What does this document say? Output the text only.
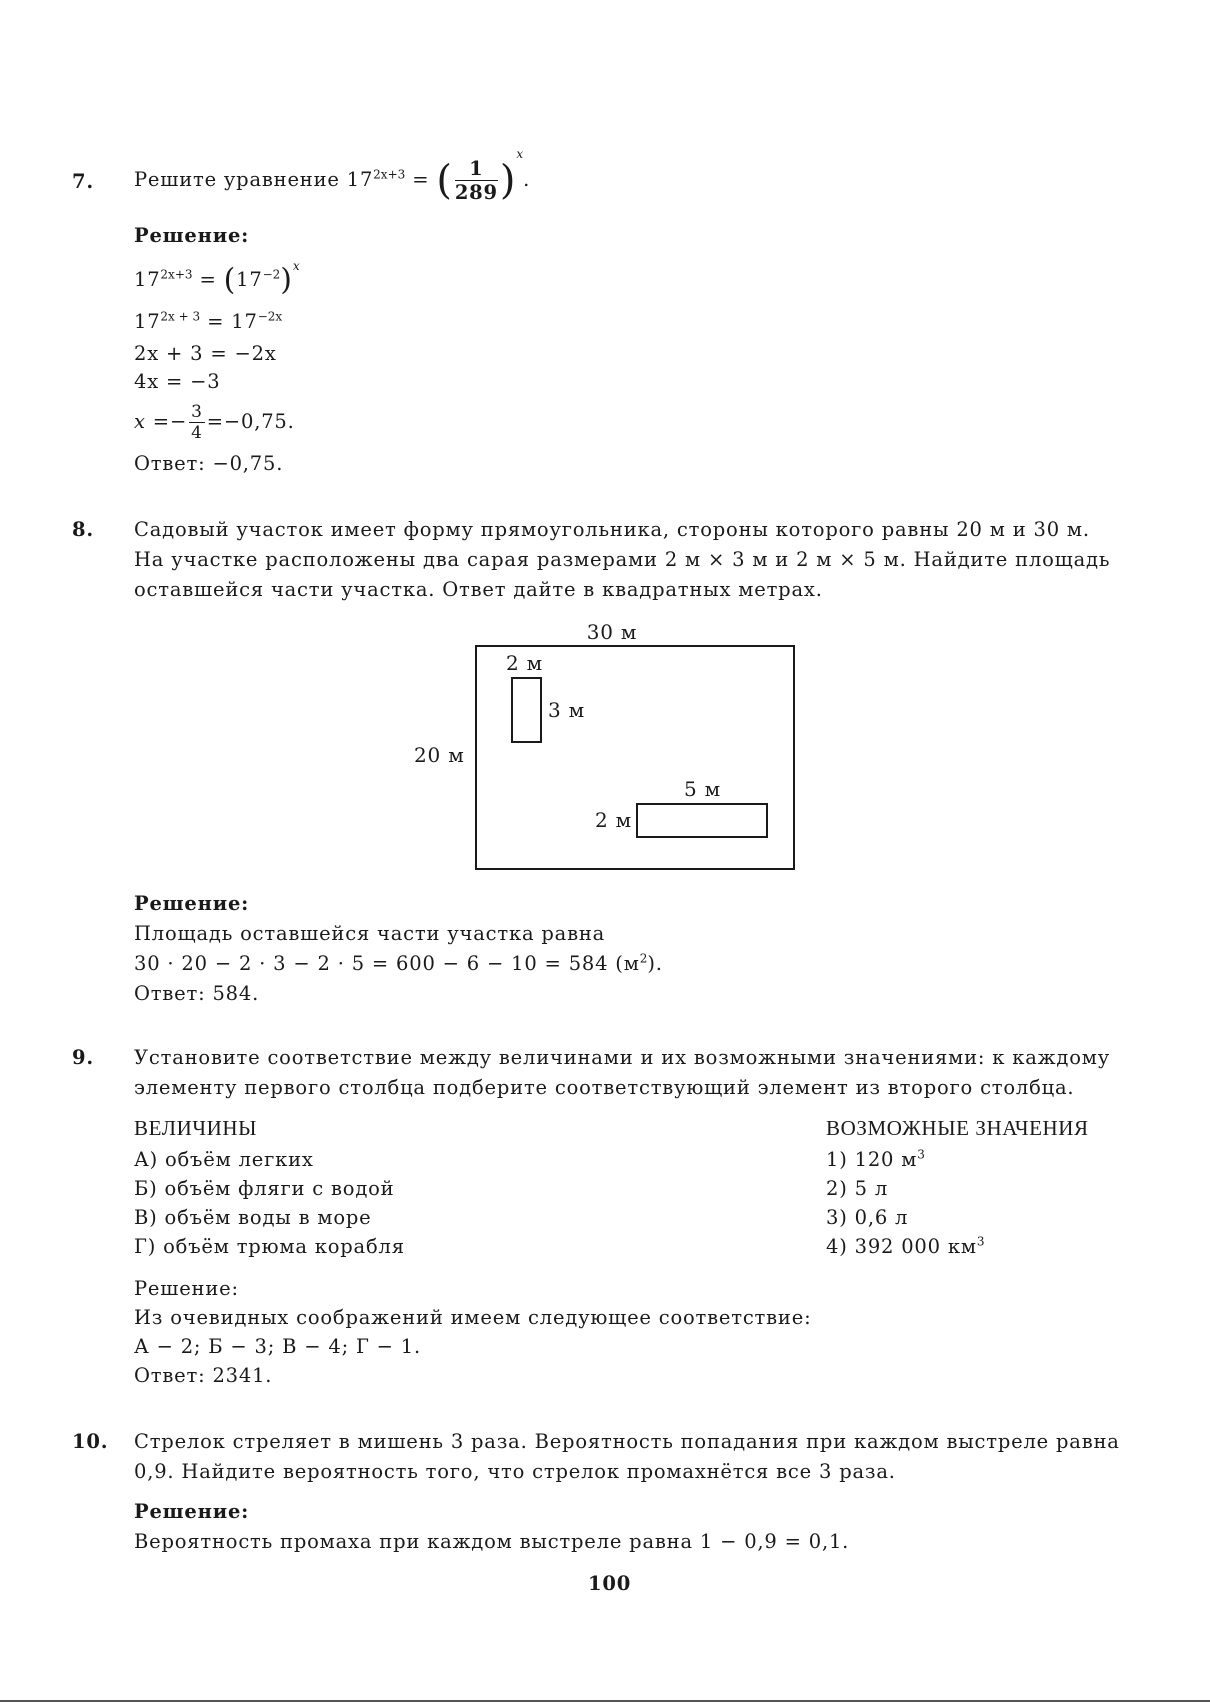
7. Решите уравнение $17^{2x+3}$ = ( $\frac{1}{289} )^x$.
Решение:
$17^{2x+3} = (17^{-2})^x$
$17^{2x + 3} = 17^{-2x}$
2x + 3 = −2x
4x = −3
$x =- \frac{3}{4} =-0,75$.
Ответ: −0,75.
8. Садовый участок имеет форму прямоугольника, стороны которого равны 20 м и 30 м.
На участке расположены два сарая размерами 2 м × 3 м и 2 м × 5 м. Найдите площадь
оставшейся части участка. Ответ дайте в квадратных метрах.
30 м
20 м
2 м
3 м
5 м
2 м
Решение:
Площадь оставшейся части участка равна
30 · 20 − 2 · 3 − 2 · 5 = 600 − 6 − 10 = 584 $(м^2)$.
Ответ: 584.
9. Установите соответствие между величинами и их возможными значениями: к каждому
элементу первого столбца подберите соответствующий элемент из второго столбца.
ВЕЛИЧИНЫ	ВОЗМОЖНЫЕ ЗНАЧЕНИЯ
А) объём легких
Б) объём фляги с водой
В) объём воды в море
Г) объём трюма корабля
1) 120 $м^3$
2) 5 л
3) 0,6 л
4) 392 000 $км^3$
Решение:
Из очевидных соображений имеем следующее соответствие:
А − 2; Б − 3; В − 4; Г − 1.
Ответ: 2341.
10. Стрелок стреляет в мишень 3 раза. Вероятность попадания при каждом выстреле равна
0,9. Найдите вероятность того, что стрелок промахнётся все 3 раза.
Решение:
Вероятность промаха при каждом выстреле равна 1 − 0,9 = 0,1.
100
